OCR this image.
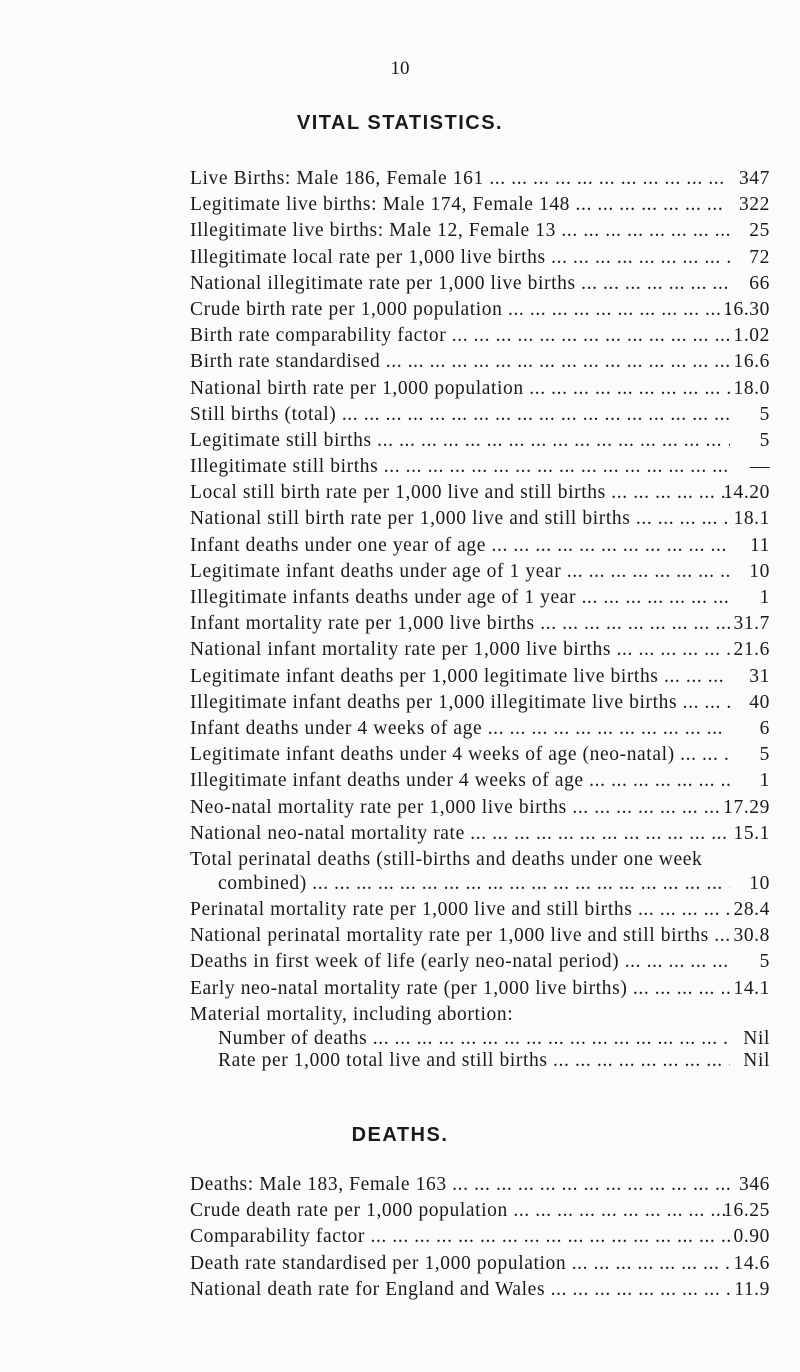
10
VITAL STATISTICS.
Live Births: Male 186, Female 161 ... .	347
Legitimate live births: Male 174, Female 148 ... .	322
Illegitimate live births: Male 12, Female 13 ... .	25
Illegitimate local rate per 1,000 live births ... .	72
National illegitimate rate per 1,000 live births ... .	66
Crude birth rate per 1,000 population ... .	16.30
Birth rate comparability factor ... .	1.02
Birth rate standardised ... .	16.6
National birth rate per 1,000 population ... .	18.0
Still births (total) ... .	5
Legitimate still births ... .	5
Illegitimate still births ... .	—
Local still birth rate per 1,000 live and still births ... .	14.20
National still birth rate per 1,000 live and still births ... .	18.1
Infant deaths under one year of age ... .	11
Legitimate infant deaths under age of 1 year ... .	10
Illegitimate infants deaths under age of 1 year ... .	1
Infant mortality rate per 1,000 live births ... .	31.7
National infant mortality rate per 1,000 live births ... .	21.6
Legitimate infant deaths per 1,000 legitimate live births ... .	31
Illegitimate infant deaths per 1,000 illegitimate live births ... .	40
Infant deaths under 4 weeks of age ... .	6
Legitimate infant deaths under 4 weeks of age (neo-natal) ... .	5
Illegitimate infant deaths under 4 weeks of age ... .	1
Neo-natal mortality rate per 1,000 live births ... .	17.29
National neo-natal mortality rate ... .	15.1
Total perinatal deaths (still-births and deaths under one week
combined) ... .	10
Perinatal mortality rate per 1,000 live and still births ... .	28.4
National perinatal mortality rate per 1,000 live and still births ... .	30.8
Deaths in first week of life (early neo-natal period) ... .	5
Early neo-natal mortality rate (per 1,000 live births) ... .	14.1
Material mortality, including abortion:
Number of deaths ... .	Nil
Rate per 1,000 total live and still births ... .	Nil
DEATHS.
Deaths: Male 183, Female 163 ... .	346
Crude death rate per 1,000 population ... .	16.25
Comparability factor ... .	0.90
Death rate standardised per 1,000 population ... .	14.6
National death rate for England and Wales ... .	11.9
